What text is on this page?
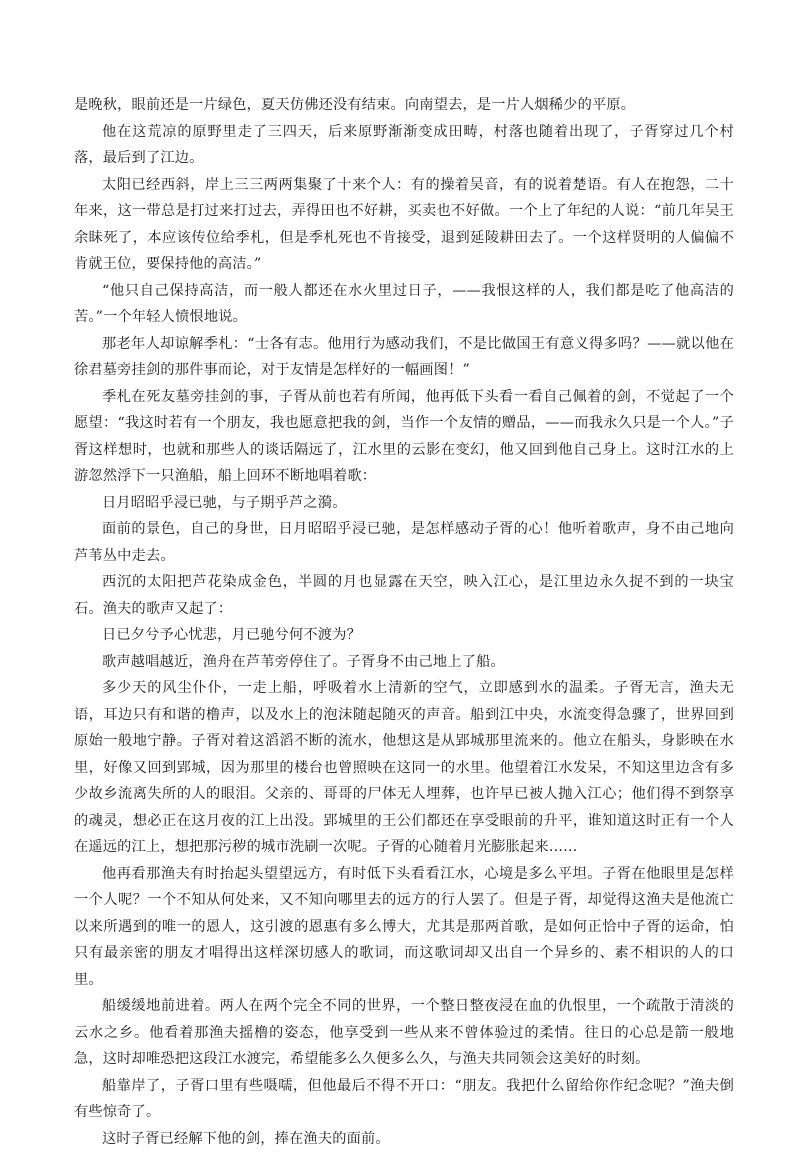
是晚秋，眼前还是一片绿色，夏天仿佛还没有结束。向南望去，是一片人烟稀少的平原。

他在这荒凉的原野里走了三四天，后来原野渐渐变成田畴，村落也随着出现了，子胥穿过几个村落，最后到了江边。

太阳已经西斜，岸上三三两两集聚了十来个人：有的操着吴音，有的说着楚语。有人在抱怨，二十年来，这一带总是打过来打过去，弄得田也不好耕，买卖也不好做。一个上了年纪的人说：“前几年吴王余眛死了，本应该传位给季札，但是季札死也不肯接受，退到延陵耕田去了。一个这样贤明的人偏偏不肯就王位，要保持他的高洁。”

“他只自己保持高洁，而一般人都还在水火里过日子，——我恨这样的人，我们都是吃了他高洁的苦。”一个年轻人愤恨地说。

那老年人却谅解季札：“士各有志。他用行为感动我们，不是比做国王有意义得多吗？——就以他在徐君墓旁挂剑的那件事而论，对于友情是怎样好的一幅画图！”

季札在死友墓旁挂剑的事，子胥从前也若有所闻，他再低下头看一看自己佩着的剑，不觉起了一个愿望：“我这时若有一个朋友，我也愿意把我的剑，当作一个友情的赠品，——而我永久只是一个人。”子胥这样想时，也就和那些人的谈话隔远了，江水里的云影在变幻，他又回到他自己身上。这时江水的上游忽然浮下一只渔船，船上回环不断地唱着歌：

日月昭昭乎浸已驰，与子期乎芦之漪。

面前的景色，自己的身世，日月昭昭乎浸已驰，是怎样感动子胥的心！他听着歌声，身不由己地向芦苇丛中走去。

西沉的太阳把芦花染成金色，半圆的月也显露在天空，映入江心，是江里边永久捉不到的一块宝石。渔夫的歌声又起了：

日已夕兮予心忧悲，月已驰兮何不渡为？

歌声越唱越近，渔舟在芦苇旁停住了。子胥身不由己地上了船。

多少天的风尘仆仆，一走上船，呼吸着水上清新的空气，立即感到水的温柔。子胥无言，渔夫无语，耳边只有和谐的橹声，以及水上的泡沫随起随灭的声音。船到江中央，水流变得急骤了，世界回到原始一般地宁静。子胥对着这滔滔不断的流水，他想这是从郢城那里流来的。他立在船头，身影映在水里，好像又回到郢城，因为那里的楼台也曾照映在这同一的水里。他望着江水发呆，不知这里边含有多少故乡流离失所的人的眼泪。父亲的、哥哥的尸体无人埋葬，也许早已被人抛入江心；他们得不到祭享的魂灵，想必正在这月夜的江上出没。郢城里的王公们都还在享受眼前的升平，谁知道这时正有一个人在遥远的江上，想把那污秽的城市洗刷一次呢。子胥的心随着月光膨胀起来……

他再看那渔夫有时抬起头望望远方，有时低下头看看江水，心境是多么平坦。子胥在他眼里是怎样一个人呢？一个不知从何处来，又不知向哪里去的远方的行人罢了。但是子胥，却觉得这渔夫是他流亡以来所遇到的唯一的恩人，这引渡的恩惠有多么博大，尤其是那两首歌，是如何正恰中子胥的运命，怕只有最亲密的朋友才唱得出这样深切感人的歌词，而这歌词却又出自一个异乡的、素不相识的人的口里。

船缓缓地前进着。两人在两个完全不同的世界，一个整日整夜浸在血的仇恨里，一个疏散于清淡的云水之乡。他看着那渔夫摇橹的姿态，他享受到一些从来不曾体验过的柔情。往日的心总是箭一般地急，这时却唯恐把这段江水渡完，希望能多么久便多么久，与渔夫共同领会这美好的时刻。

船靠岸了，子胥口里有些嗫嚅，但他最后不得不开口：“朋友。我把什么留给你作纪念呢？”渔夫倒有些惊奇了。

这时子胥已经解下他的剑，捧在渔夫的面前。
